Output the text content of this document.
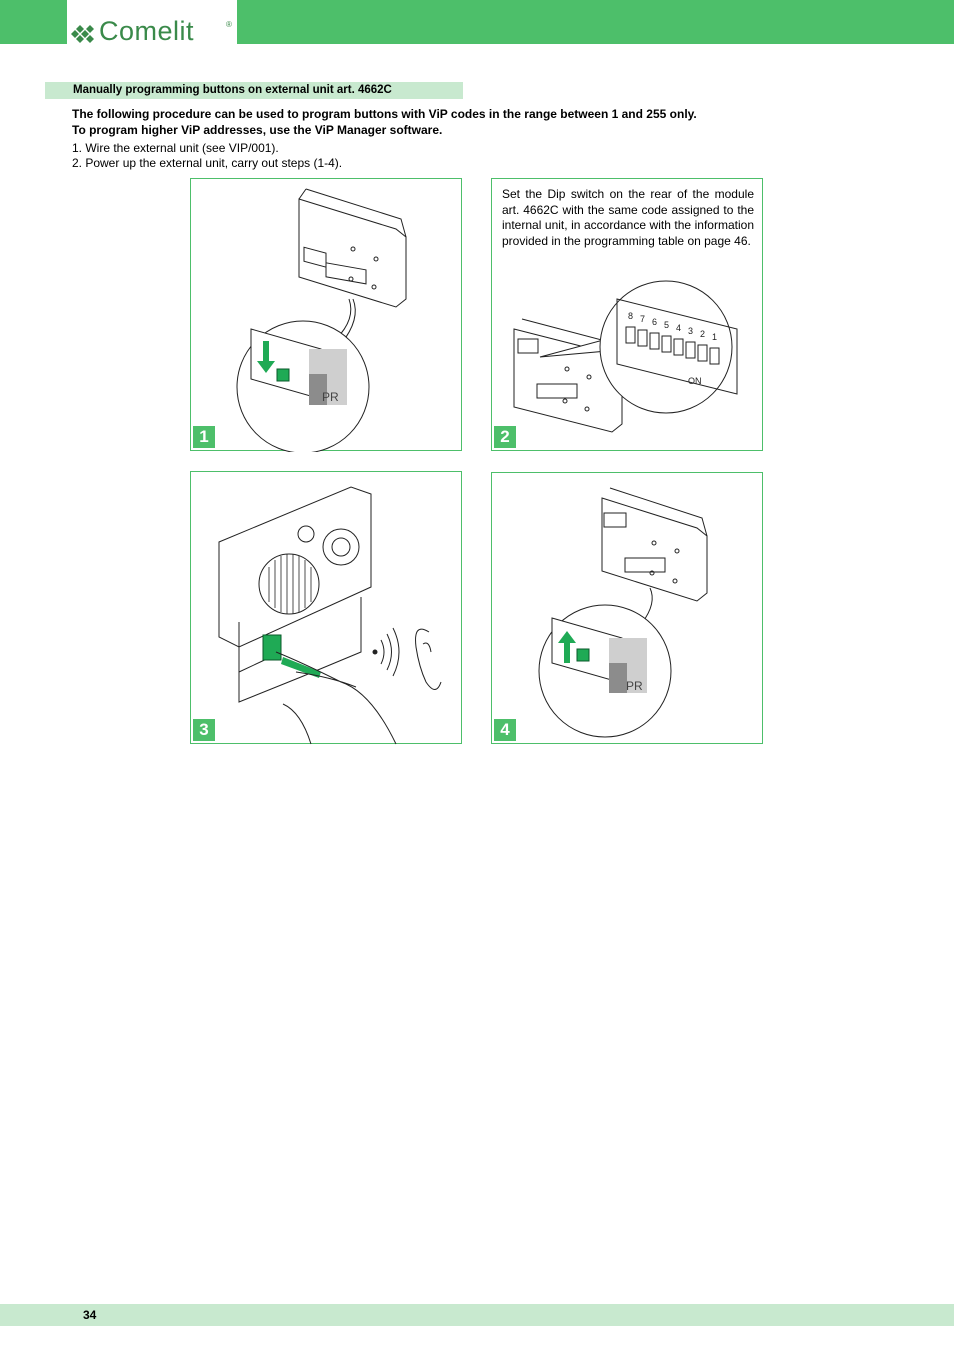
Comelit	®
Manually programming buttons on external unit art. 4662C
The following procedure can be used to program buttons with ViP codes in the range between 1 and 255 only.
To program higher ViP addresses, use the ViP Manager software.
1. Wire the external unit (see VIP/001).
2. Power up the external unit, carry out steps (1-4).
PR
1
Set the Dip switch on the rear of the module art. 4662C with the same code assigned to the internal unit, in accordance with the information provided in the programming table on page 46.
8 7 6 5 4 3 2 1
ON
2
3
PR
4
34
